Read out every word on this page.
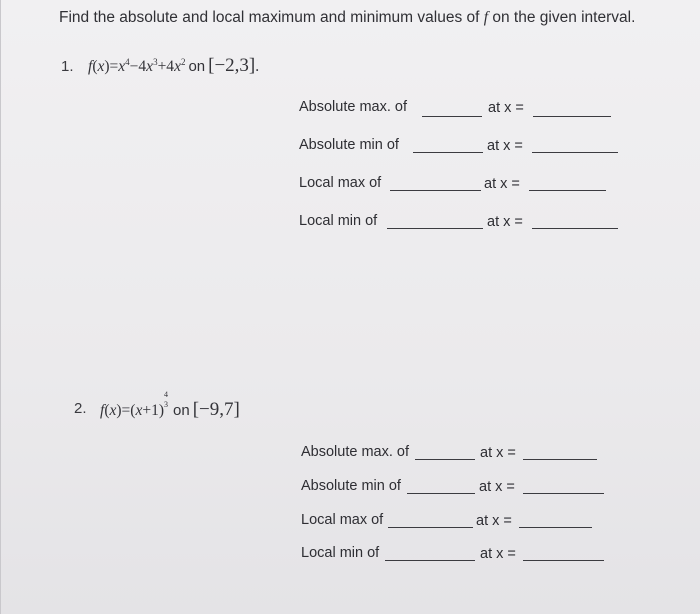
Find the absolute and local maximum and minimum values of f on the given interval.
1. $f(x)=x^4-4x^3+4x^2$ on [−2,3].
Absolute max. of	at x =
Absolute min of	at x =
Local max of	at x =
Local min of	at x =
2. f(x)=(x+1)
4
3 on [−9,7]
Absolute max. of	at x =
Absolute min of	at x =
Local max of	at x =
Local min of	at x =
